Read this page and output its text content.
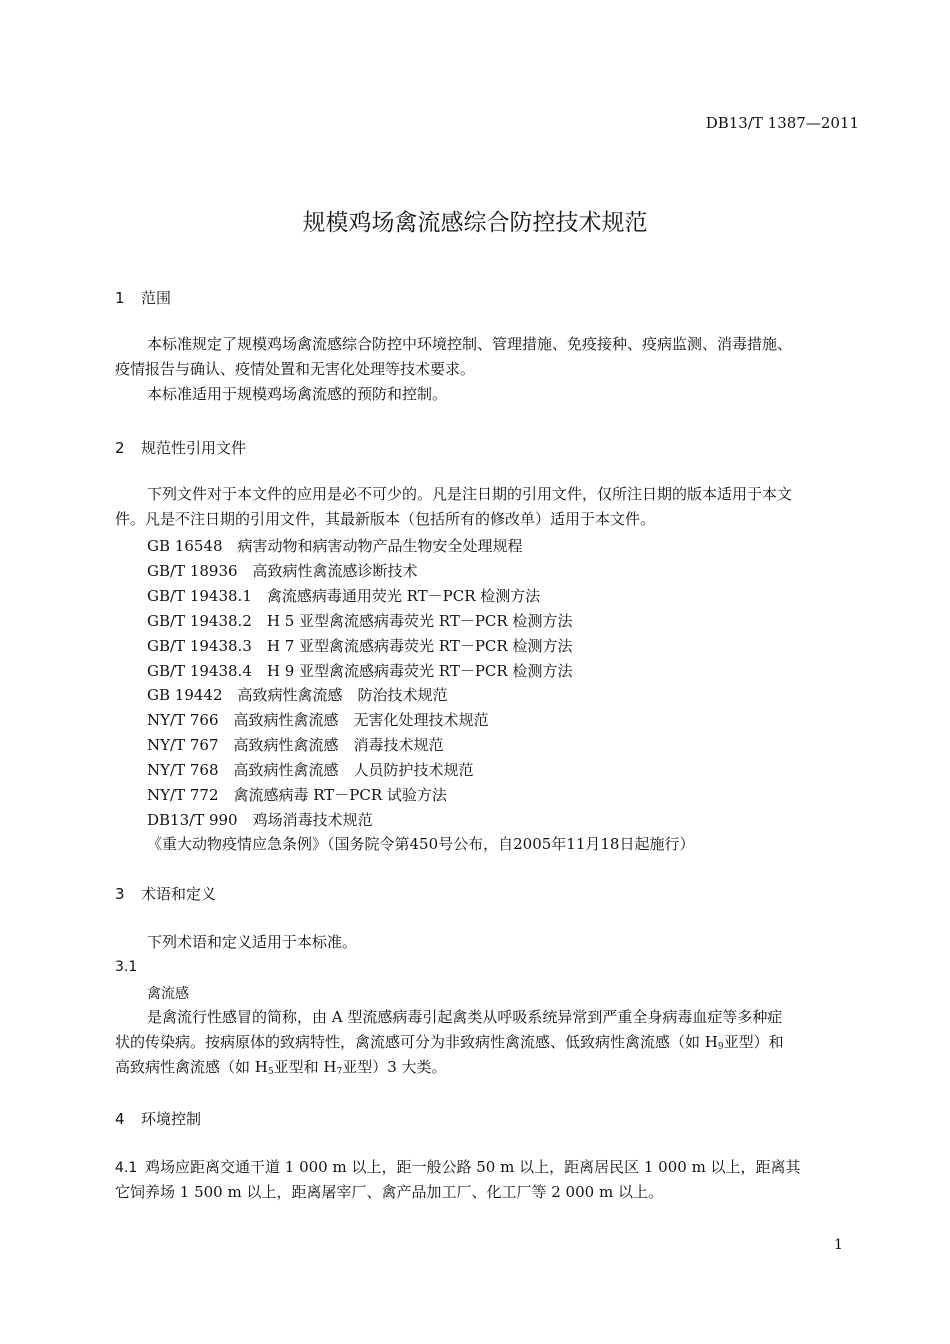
DB13/T 1387—2011
规模鸡场禽流感综合防控技术规范
1 范围
本标准规定了规模鸡场禽流感综合防控中环境控制、管理措施、免疫接种、疫病监测、消毒措施、
疫情报告与确认、疫情处置和无害化处理等技术要求。
本标准适用于规模鸡场禽流感的预防和控制。
2 规范性引用文件
下列文件对于本文件的应用是必不可少的。凡是注日期的引用文件，仅所注日期的版本适用于本文
件。凡是不注日期的引用文件，其最新版本（包括所有的修改单）适用于本文件。
GB 16548　病害动物和病害动物产品生物安全处理规程
GB/T 18936　高致病性禽流感诊断技术
GB/T 19438.1　禽流感病毒通用荧光 RT－PCR 检测方法
GB/T 19438.2　H 5 亚型禽流感病毒荧光 RT－PCR 检测方法
GB/T 19438.3　H 7 亚型禽流感病毒荧光 RT－PCR 检测方法
GB/T 19438.4　H 9 亚型禽流感病毒荧光 RT－PCR 检测方法
GB 19442　高致病性禽流感　防治技术规范
NY/T 766　高致病性禽流感　无害化处理技术规范
NY/T 767　高致病性禽流感　消毒技术规范
NY/T 768　高致病性禽流感　人员防护技术规范
NY/T 772　禽流感病毒 RT－PCR 试验方法
DB13/T 990　鸡场消毒技术规范
《重大动物疫情应急条例》（国务院令第450号公布，自2005年11月18日起施行）
3 术语和定义
下列术语和定义适用于本标准。
3.1
禽流感
是禽流行性感冒的简称，由 A 型流感病毒引起禽类从呼吸系统异常到严重全身病毒血症等多种症
状的传染病。按病原体的致病特性，禽流感可分为非致病性禽流感、低致病性禽流感（如 $H_9$亚型）和
高致病性禽流感（如 $H_5$亚型和 $H_7$亚型）3 大类。
4 环境控制
4.1 鸡场应距离交通干道 1 000 m 以上，距一般公路 50 m 以上，距离居民区 1 000 m 以上，距离其
它饲养场 1 500 m 以上，距离屠宰厂、禽产品加工厂、化工厂等 2 000 m 以上。
1
